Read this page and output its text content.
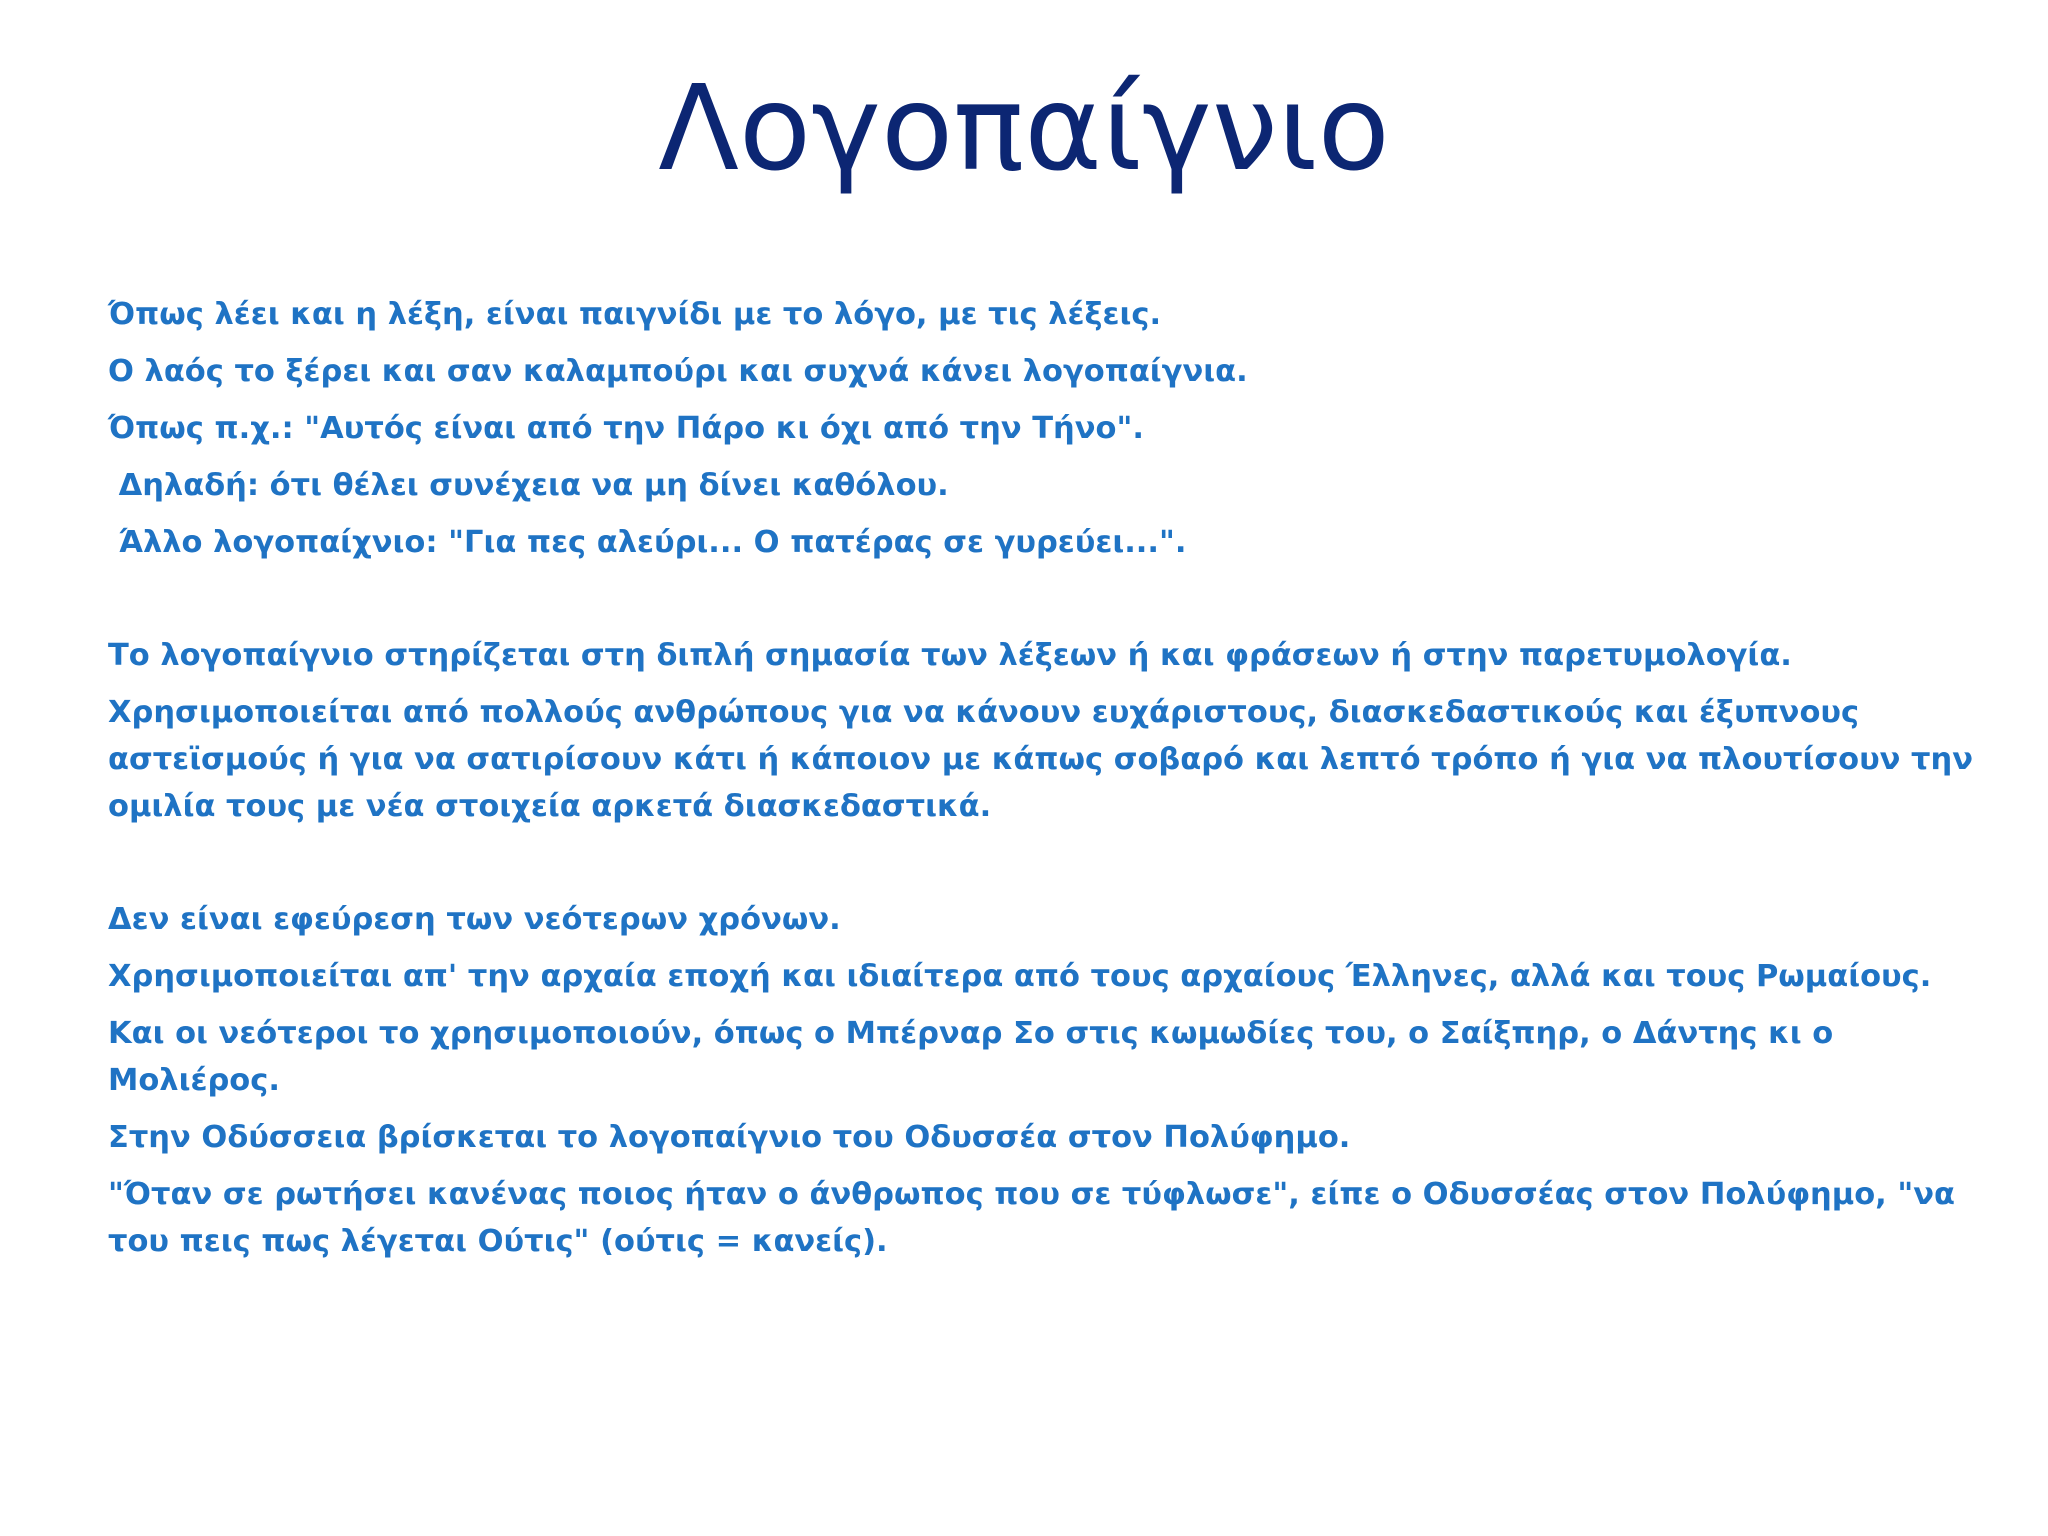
Λογοπαίγνιο
Όπως λέει και η λέξη, είναι παιγνίδι με το λόγο, με τις λέξεις.
Ο λαός το ξέρει και σαν καλαμπούρι και συχνά κάνει λογοπαίγνια.
Όπως π.χ.: "Αυτός είναι από την Πάρο κι όχι από την Τήνο".
Δηλαδή: ότι θέλει συνέχεια να μη δίνει καθόλου.
Άλλο λογοπαίχνιο: "Για πες αλεύρι... Ο πατέρας σε γυρεύει...".
Το λογοπαίγνιο στηρίζεται στη διπλή σημασία των λέξεων ή και φράσεων ή στην παρετυμολογία.
Χρησιμοποιείται από πολλούς ανθρώπους για να κάνουν ευχάριστους, διασκεδαστικούς και έξυπνους αστεϊσμούς ή για να σατιρίσουν κάτι ή κάποιον με κάπως σοβαρό και λεπτό τρόπο ή για να πλουτίσουν την ομιλία τους με νέα στοιχεία αρκετά διασκεδαστικά.
Δεν είναι εφεύρεση των νεότερων χρόνων.
Χρησιμοποιείται απ' την αρχαία εποχή και ιδιαίτερα από τους αρχαίους Έλληνες, αλλά και τους Ρωμαίους.
Και οι νεότεροι το χρησιμοποιούν, όπως ο Μπέρναρ Σο στις κωμωδίες του, ο Σαίξπηρ, ο Δάντης κι ο Μολιέρος.
Στην Οδύσσεια βρίσκεται το λογοπαίγνιο του Οδυσσέα στον Πολύφημο.
"Όταν σε ρωτήσει κανένας ποιος ήταν ο άνθρωπος που σε τύφλωσε", είπε ο Οδυσσέας στον Πολύφημο, "να του πεις πως λέγεται Ούτις" (ούτις = κανείς).
